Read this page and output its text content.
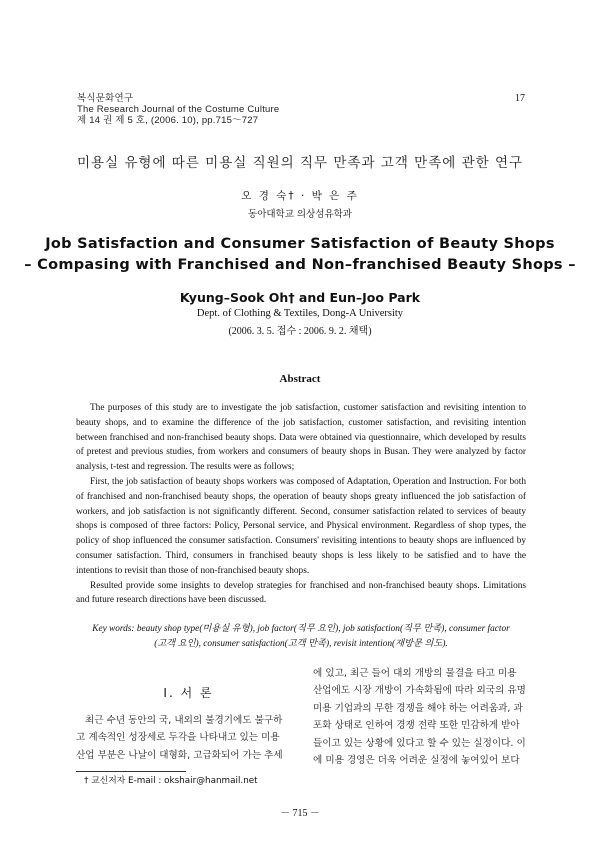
복식문화연구
The Research Journal of the Costume Culture
제 14 권 제 5 호, (2006. 10), pp.715～727
17
미용실 유형에 따른 미용실 직원의 직무 만족과 고객 만족에 관한 연구
오 경 숙† · 박 은 주
동아대학교 의상섬유학과
Job Satisfaction and Consumer Satisfaction of Beauty Shops
– Compasing with Franchised and Non–franchised Beauty Shops –
Kyung–Sook Oh† and Eun–Joo Park
Dept. of Clothing & Textiles, Dong-A University
(2006. 3. 5. 접수 : 2006. 9. 2. 채택)
Abstract

The purposes of this study are to investigate the job satisfaction, customer satisfaction and revisiting intention to beauty shops, and to examine the difference of the job satisfaction, customer satisfaction, and revisiting intention between franchised and non-franchised beauty shops. Data were obtained via questionnaire, which developed by results of pretest and previous studies, from workers and consumers of beauty shops in Busan. They were analyzed by factor analysis, t-test and regression. The results were as follows;

First, the job satisfaction of beauty shops workers was composed of Adaptation, Operation and Instruction. For both of franchised and non-franchised beauty shops, the operation of beauty shops greaty influenced the job satisfaction of workers, and job satisfaction is not significantly different. Second, consumer satisfaction related to services of beauty shops is composed of three factors: Policy, Personal service, and Physical environment. Regardless of shop types, the policy of shop influenced the consumer satisfaction. Consumers' revisiting intentions to beauty shops are influenced by consumer satisfaction. Third, consumers in franchised beauty shops is less likely to be satisfied and to have the intentions to revisit than those of non-franchised beauty shops.

Resulted provide some insights to develop strategies for franchised and non-franchised beauty shops. Limitations and future research directions have been discussed.

Key words: beauty shop type(미용실 유형), job factor(직무 요인), job satisfaction(직무 만족), consumer factor
(고객 요인), consumer satisfaction(고객 만족), revisit intention(재방문 의도).
Ⅰ. 서 론
최근 수년 동안의 국, 내외의 불경기에도 불구하
고 계속적인 성장세로 두각을 나타내고 있는 미용
산업 부분은 나날이 대형화, 고급화되어 가는 추세
에 있고, 최근 들어 대외 개방의 물결을 타고 미용
산업에도 시장 개방이 가속화됨에 따라 외국의 유명
미용 기업과의 무한 경쟁을 해야 하는 어려움과, 과
포화 상태로 인하여 경쟁 전략 또한 민감하게 받아
들이고 있는 상황에 있다고 할 수 있는 실정이다. 이
에 미용 경영은 더욱 어려운 실정에 놓여있어 보다
† 교신저자 E-mail : okshair@hanmail.net
－ 715 －
